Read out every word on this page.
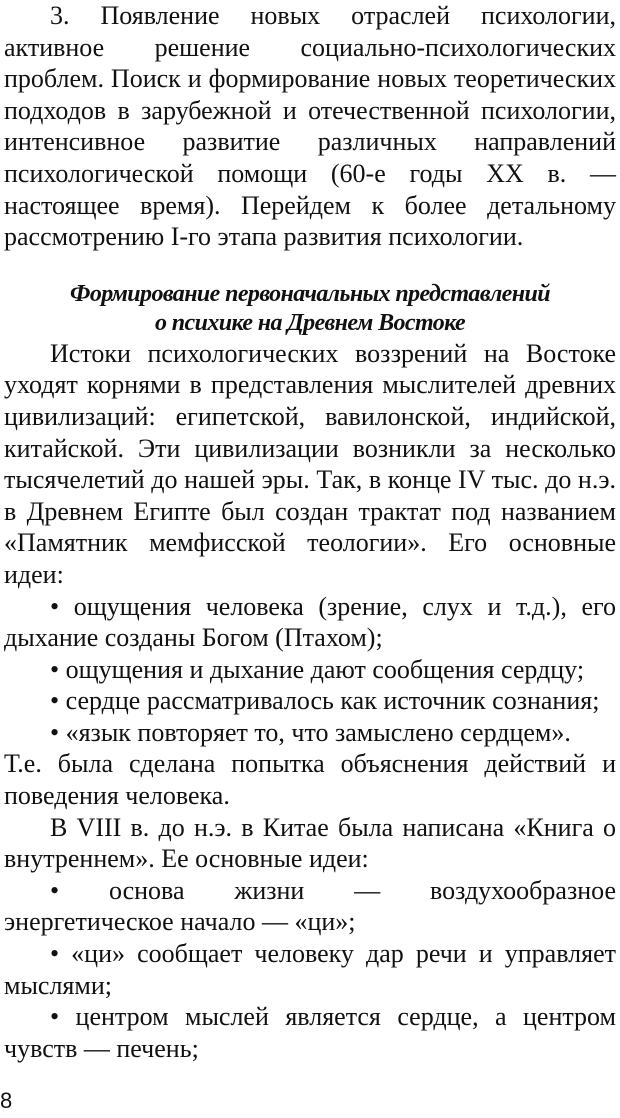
3. Появление новых отраслей психологии, активное решение социально-психологических проблем. Поиск и формирование новых теоретических подходов в зарубежной и отечественной психологии, интенсивное развитие различных направлений психологической помощи (60-е годы XX в. — настоящее время). Перейдем к более детальному рассмотрению I-го этапа развития психологии.

Формирование первоначальных представлений

о психике на Древнем Востоке

Истоки психологических воззрений на Востоке уходят корнями в представления мыслителей древних цивилизаций: египетской, вавилонской, индийской, китайской. Эти цивилизации возникли за несколько тысячелетий до нашей эры. Так, в конце IV тыс. до н.э. в Древнем Египте был создан трактат под названием «Памятник мемфисской теологии». Его основные идеи:

• ощущения человека (зрение, слух и т.д.), его дыхание созданы Богом (Птахом);

• ощущения и дыхание дают сообщения сердцу;

• сердце рассматривалось как источник сознания;

• «язык повторяет то, что замыслено сердцем».

Т.е. была сделана попытка объяснения действий и поведения человека.

В VIII в. до н.э. в Китае была написана «Книга о внутреннем». Ее основные идеи:

• основа жизни — воздухообразное энергетическое начало — «ци»;

• «ци» сообщает человеку дар речи и управляет мыслями;

• центром мыслей является сердце, а центром чувств — печень;

8
